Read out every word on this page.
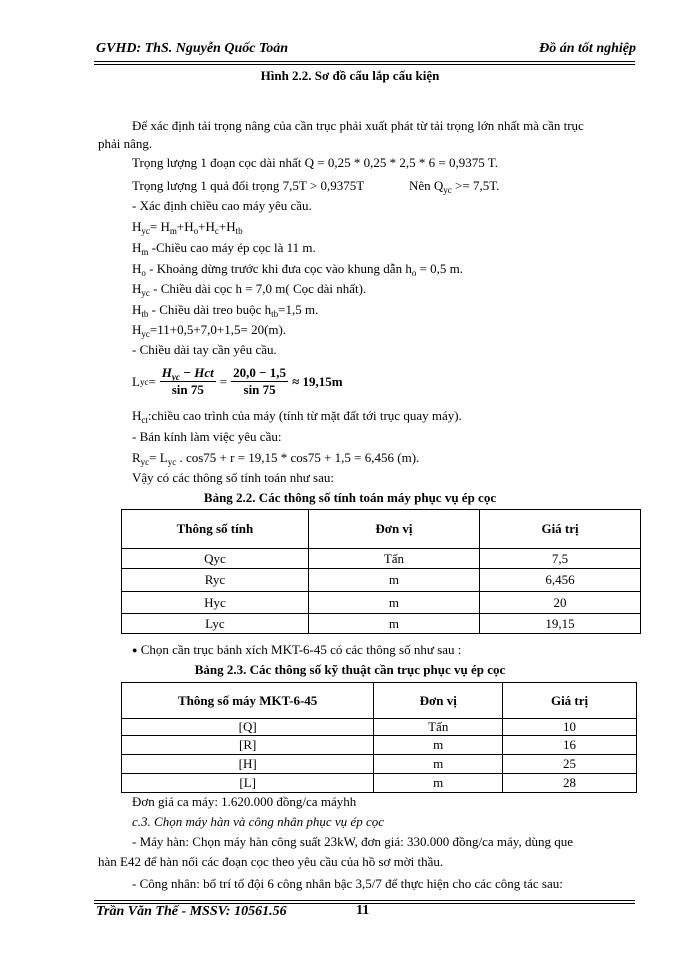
GVHD: ThS. Nguyễn Quốc Toản	Đồ án tốt nghiệp
Hình 2.2. Sơ đồ cẩu lắp cấu kiện
Để xác định tải trọng nâng của cần trục phải xuất phát từ tải trọng lớn nhất mà cần trục
phải nâng.
Trọng lượng 1 đoạn cọc dài nhất Q = 0,25 * 0,25 * 2,5 * 6 = 0,9375 T.
Trọng lượng 1 quả đối trọng 7,5T > 0,9375T	Nên $Q_{yc} >= 7,5T$.
- Xác định chiều cao máy yêu cầu.
$H_{yc}= H_m+H_o+H_c+H_{tb}$
$H_m$ -Chiều cao máy ép cọc là 11 m.
$H_o$ - Khoảng dừng trước khi đưa cọc vào khung dẫn $h_o = 0,5$ m.
$H_{yc}$ - Chiều dài cọc h = 7,0 m( Cọc dài nhất).
$H_{tb}$ - Chiều dài treo buộc $h_{tb}=1,5$ m.
$H_{yc}=11+0,5+7,0+1,5= 20(m)$.
- Chiều dài tay cần yêu cầu.
L yc = $\frac{H_{yc} - Hct}{\sin 75} = \frac{20,0 - 1,5}{\sin 75} \approx 19,15m$
$H_{ct}:chiều$ cao trình của máy (tính từ mặt đất tới trục quay máy).
- Bán kính làm việc yêu cầu:
$R_{yc}= L_{yc}$ . cos75 + r = 19,15 * cos75 + 1,5 = 6,456 (m).
Vậy có các thông số tính toán như sau:
Bảng 2.2. Các thông số tính toán máy phục vụ ép cọc
Thông số tính	Đơn vị	Giá trị
Qyc	Tấn	7,5
Ryc	m	6,456
Hyc	m	20
Lyc	m	19,15
● Chọn cần trục bánh xích MKT-6-45 có các thông số như sau :
Bảng 2.3. Các thông số kỹ thuật cần trục phục vụ ép cọc
Thông số máy MKT-6-45	Đơn vị	Giá trị
[Q]	Tấn	10
[R]	m	16
[H]	m	25
[L]	m	28
Đơn giá ca máy: 1.620.000 đồng/ca máyhh
c.3. Chọn máy hàn và công nhân phục vụ ép cọc
- Máy hàn: Chọn máy hàn công suất 23kW, đơn giá: 330.000 đồng/ca máy, dùng que
hàn E42 để hàn nối các đoạn cọc theo yêu cầu của hồ sơ mời thầu.
- Công nhân: bố trí tổ đội 6 công nhân bậc 3,5/7 để thực hiện cho các công tác sau:
Trần Văn Thế - MSSV: 10561.56	11
